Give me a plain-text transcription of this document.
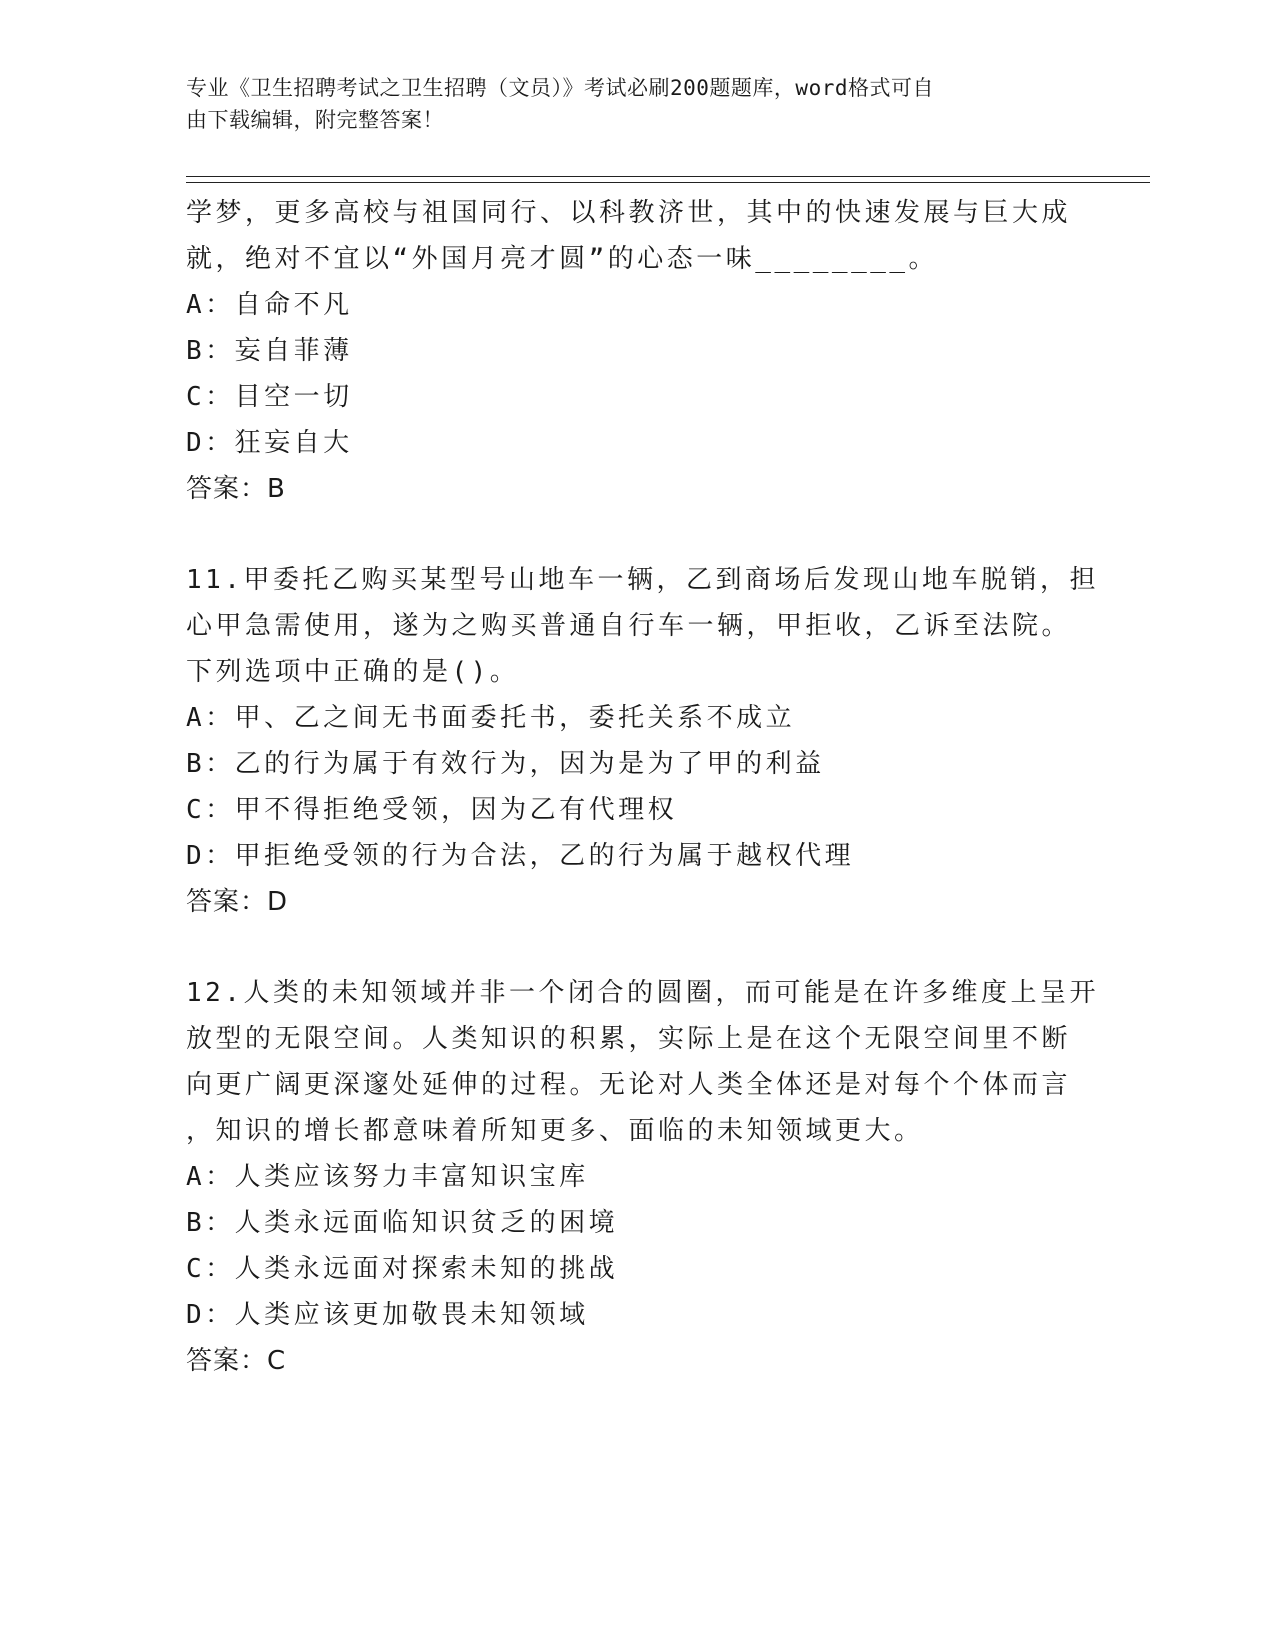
专业《卫生招聘考试之卫生招聘（文员）》考试必刷200题题库，word格式可自
由下载编辑，附完整答案！
学梦，更多高校与祖国同行、以科教济世，其中的快速发展与巨大成
就，绝对不宜以“外国月亮才圆”的心态一味________。
A：自命不凡
B：妄自菲薄
C：目空一切
D：狂妄自大
答案：B
11.甲委托乙购买某型号山地车一辆，乙到商场后发现山地车脱销，担
心甲急需使用，遂为之购买普通自行车一辆，甲拒收，乙诉至法院。
下列选项中正确的是()。
A：甲、乙之间无书面委托书，委托关系不成立
B：乙的行为属于有效行为，因为是为了甲的利益
C：甲不得拒绝受领，因为乙有代理权
D：甲拒绝受领的行为合法，乙的行为属于越权代理
答案：D
12.人类的未知领域并非一个闭合的圆圈，而可能是在许多维度上呈开
放型的无限空间。人类知识的积累，实际上是在这个无限空间里不断
向更广阔更深邃处延伸的过程。无论对人类全体还是对每个个体而言
，知识的增长都意味着所知更多、面临的未知领域更大。
A：人类应该努力丰富知识宝库
B：人类永远面临知识贫乏的困境
C：人类永远面对探索未知的挑战
D：人类应该更加敬畏未知领域
答案：C
